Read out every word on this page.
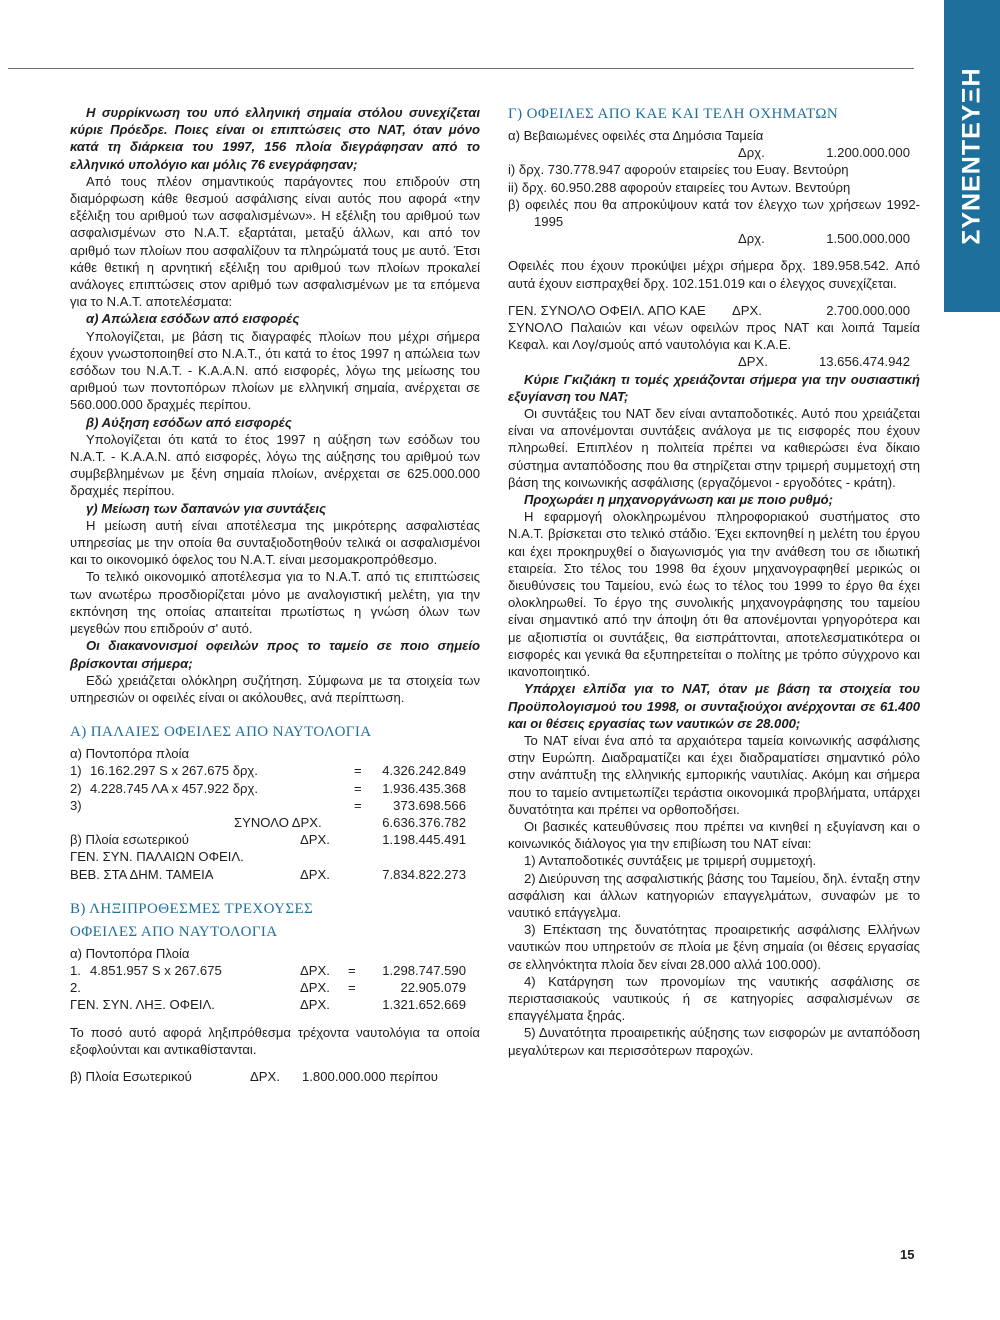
ΣΥΝΕΝΤΕΥΞΗ

Η συρρίκνωση του υπό ελληνική σημαία στόλου συνεχίζεται κύριε Πρόεδρε. Ποιες είναι οι επιπτώσεις στο ΝΑΤ, όταν μόνο κατά τη διάρκεια του 1997, 156 πλοία διεγράφησαν από το ελληνικό υπολόγιο και μόλις 76 ενεγράφησαν;

Από τους πλέον σημαντικούς παράγοντες που επιδρούν στη διαμόρφωση κάθε θεσμού ασφάλισης είναι αυτός που αφορά «την εξέλιξη του αριθμού των ασφαλισμένων». Η εξέλιξη του αριθμού των ασφαλισμένων στο Ν.Α.Τ. εξαρτάται, μεταξύ άλλων, και από τον αριθμό των πλοίων που ασφαλίζουν τα πληρώματά τους με αυτό. Έτσι κάθε θετική η αρνητική εξέλιξη του αριθμού των πλοίων προκαλεί ανάλογες επιπτώσεις στον αριθμό των ασφαλισμένων με τα επόμενα για το Ν.Α.Τ. αποτελέσματα:

α) Απώλεια εσόδων από εισφορές

Υπολογίζεται, με βάση τις διαγραφές πλοίων που μέχρι σήμερα έχουν γνωστοποιηθεί στο Ν.Α.Τ., ότι κατά το έτος 1997 η απώλεια των εσόδων του Ν.Α.Τ. - Κ.Α.Α.Ν. από εισφορές, λόγω της μείωσης του αριθμού των ποντοπόρων πλοίων με ελληνική σημαία, ανέρχεται σε 560.000.000 δραχμές περίπου.

β) Αύξηση εσόδων από εισφορές

Υπολογίζεται ότι κατά το έτος 1997 η αύξηση των εσόδων του Ν.Α.Τ. - Κ.Α.Α.Ν. από εισφορές, λόγω της αύξησης του αριθμού των συμβεβλημένων με ξένη σημαία πλοίων, ανέρχεται σε 625.000.000 δραχμές περίπου.

γ) Μείωση των δαπανών για συντάξεις

Η μείωση αυτή είναι αποτέλεσμα της μικρότερης ασφαλιστέας υπηρεσίας με την οποία θα συνταξιοδοτηθούν τελικά οι ασφαλισμένοι και το οικονομικό όφελος του Ν.Α.Τ. είναι μεσομακροπρόθεσμο.

Το τελικό οικονομικό αποτέλεσμα για το Ν.Α.Τ. από τις επιπτώσεις των ανωτέρω προσδιορίζεται μόνο με αναλογιστική μελέτη, για την εκπόνηση της οποίας απαιτείται πρωτίστως η γνώση όλων των μεγεθών που επιδρούν σ' αυτό.

Οι διακανονισμοί οφειλών προς το ταμείο σε ποιο σημείο βρίσκονται σήμερα;

Εδώ χρειάζεται ολόκληρη συζήτηση. Σύμφωνα με τα στοιχεία των υπηρεσιών οι οφειλές είναι οι ακόλουθες, ανά περίπτωση.

Α) ΠΑΛΑΙΕΣ ΟΦΕΙΛΕΣ ΑΠΟ ΝΑΥΤΟΛΟΓΙΑ

α) Ποντοπόρα πλοία

1) 16.162.297 S x 267.675 δρχ.	=	4.326.242.849
2) 4.228.745 ΛΑ x 457.922 δρχ.	=	1.936.435.368
3)	=	373.698.566
ΣΥΝΟΛΟ ΔΡΧ.	6.636.376.782
β) Πλοία εσωτερικού	ΔΡΧ.	1.198.445.491

ΓΕΝ. ΣΥΝ. ΠΑΛΑΙΩΝ ΟΦΕΙΛ.

ΒΕΒ. ΣΤΑ ΔΗΜ. ΤΑΜΕΙΑ	ΔΡΧ.	7.834.822.273
Β) ΛΗΞΙΠΡΟΘΕΣΜΕΣ ΤΡΕΧΟΥΣΕΣ
ΟΦΕΙΛΕΣ ΑΠΟ ΝΑΥΤΟΛΟΓΙΑ

α) Ποντοπόρα Πλοία

1. 4.851.957 S x 267.675	ΔΡΧ.	=	1.298.747.590
2.	ΔΡΧ.	=	22.905.079
ΓΕΝ. ΣΥΝ. ΛΗΞ. ΟΦΕΙΛ.	ΔΡΧ.	1.321.652.669

Το ποσό αυτό αφορά ληξιπρόθεσμα τρέχοντα ναυτολόγια τα οποία εξοφλούνται και αντικαθίστανται.

β) Πλοία Εσωτερικού	ΔΡΧ.	1.800.000.000 περίπου
Γ) ΟΦΕΙΛΕΣ ΑΠΟ ΚΑΕ ΚΑΙ ΤΕΛΗ ΟΧΗΜΑΤΩΝ

α) Βεβαιωμένες οφειλές στα Δημόσια Ταμεία

Δρχ.	1.200.000.000

i) δρχ. 730.778.947 αφορούν εταιρείες του Ευαγ. Βεντούρη

ii) δρχ. 60.950.288 αφορούν εταιρείες του Αντων. Βεντούρη

β) οφειλές που θα απροκύψουν κατά τον έλεγχο των χρήσεων 1992-1995

Δρχ.	1.500.000.000

Οφειλές που έχουν προκύψει μέχρι σήμερα δρχ. 189.958.542. Από αυτά έχουν εισπραχθεί δρχ. 102.151.019 και ο έλεγχος συνεχίζεται.

ΓΕΝ. ΣΥΝΟΛΟ ΟΦΕΙΛ. ΑΠΟ ΚΑΕ	ΔΡΧ.	2.700.000.000

ΣΥΝΟΛΟ Παλαιών και νέων οφειλών προς ΝΑΤ και λοιπά Ταμεία Κεφαλ. και Λογ/σμούς από ναυτολόγια και Κ.Α.Ε.

ΔΡΧ.	13.656.474.942

Κύριε Γκιζιάκη τι τομές χρειάζονται σήμερα για την ουσιαστική εξυγίανση του ΝΑΤ;

Οι συντάξεις του ΝΑΤ δεν είναι ανταποδοτικές. Αυτό που χρειάζεται είναι να απονέμονται συντάξεις ανάλογα με τις εισφορές που έχουν πληρωθεί. Επιπλέον η πολιτεία πρέπει να καθιερώσει ένα δίκαιο σύστημα ανταπόδοσης που θα στηρίζεται στην τριμερή συμμετοχή στη βάση της κοινωνικής ασφάλισης (εργαζόμενοι - εργοδότες - κράτη).

Προχωράει η μηχανοργάνωση και με ποιο ρυθμό;

Η εφαρμογή ολοκληρωμένου πληροφοριακού συστήματος στο Ν.Α.Τ. βρίσκεται στο τελικό στάδιο. Έχει εκπονηθεί η μελέτη του έργου και έχει προκηρυχθεί ο διαγωνισμός για την ανάθεση του σε ιδιωτική εταιρεία. Στο τέλος του 1998 θα έχουν μηχανογραφηθεί μερικώς οι διευθύνσεις του Ταμείου, ενώ έως το τέλος του 1999 το έργο θα έχει ολοκληρωθεί. Το έργο της συνολικής μηχανογράφησης του ταμείου είναι σημαντικό από την άποψη ότι θα απονέμονται γρηγορότερα και με αξιοπιστία οι συντάξεις, θα εισπράττονται, αποτελεσματικότερα οι εισφορές και γενικά θα εξυπηρετείται ο πολίτης με τρόπο σύγχρονο και ικανοποιητικό.

Υπάρχει ελπίδα για το ΝΑΤ, όταν με βάση τα στοιχεία του Προϋπολογισμού του 1998, οι συνταξιούχοι ανέρχονται σε 61.400 και οι θέσεις εργασίας των ναυτικών σε 28.000;

Το ΝΑΤ είναι ένα από τα αρχαιότερα ταμεία κοινωνικής ασφάλισης στην Ευρώπη. Διαδραματίζει και έχει διαδραματίσει σημαντικό ρόλο στην ανάπτυξη της ελληνικής εμπορικής ναυτιλίας. Ακόμη και σήμερα που το ταμείο αντιμετωπίζει τεράστια οικονομικά προβλήματα, υπάρχει δυνατότητα και πρέπει να ορθοποδήσει.

Οι βασικές κατευθύνσεις που πρέπει να κινηθεί η εξυγίανση και ο κοινωνικός διάλογος για την επιβίωση του ΝΑΤ είναι:

1) Ανταποδοτικές συντάξεις με τριμερή συμμετοχή.

2) Διεύρυνση της ασφαλιστικής βάσης του Ταμείου, δηλ. ένταξη στην ασφάλιση και άλλων κατηγοριών επαγγελμάτων, συναφών με το ναυτικό επάγγελμα.

3) Επέκταση της δυνατότητας προαιρετικής ασφάλισης Ελλήνων ναυτικών που υπηρετούν σε πλοία με ξένη σημαία (οι θέσεις εργασίας σε ελληνόκτητα πλοία δεν είναι 28.000 αλλά 100.000).

4) Κατάργηση των προνομίων της ναυτικής ασφάλισης σε περιστασιακούς ναυτικούς ή σε κατηγορίες ασφαλισμένων σε επαγγέλματα ξηράς.

5) Δυνατότητα προαιρετικής αύξησης των εισφορών με ανταπόδοση μεγαλύτερων και περισσότερων παροχών.

15
